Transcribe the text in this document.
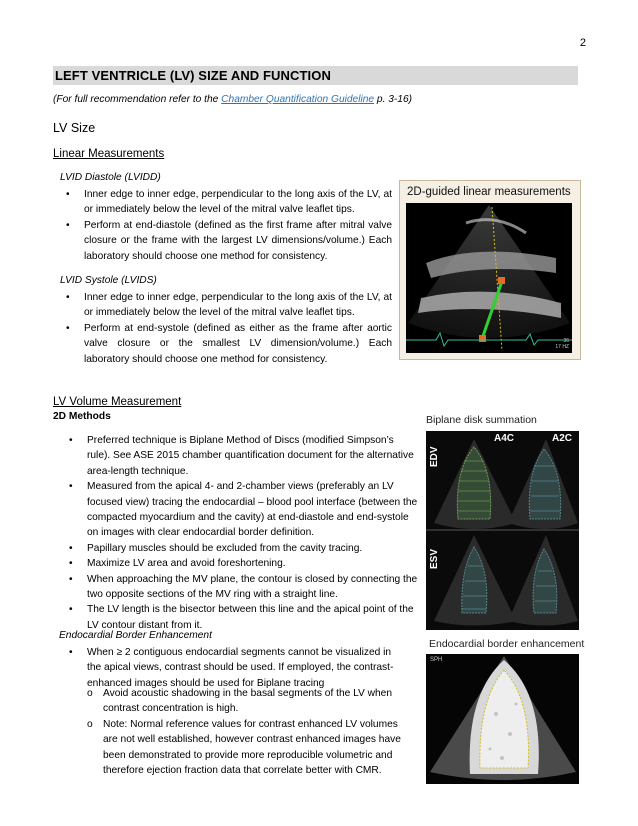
2
LEFT VENTRICLE (LV) SIZE AND FUNCTION
(For full recommendation refer to the Chamber Quantification Guideline p. 3-16)
LV Size
Linear Measurements
LVID Diastole (LVIDD)
• Inner edge to inner edge, perpendicular to the long axis of the LV, at or immediately below the level of the mitral valve leaflet tips.
• Perform at end-diastole (defined as the first frame after mitral valve closure or the frame with the largest LV dimensions/volume.) Each laboratory should choose one method for consistency.
LVID Systole (LVIDS)
• Inner edge to inner edge, perpendicular to the long axis of the LV, at or immediately below the level of the mitral valve leaflet tips.
• Perform at end-systole (defined as either as the frame after aortic valve closure or the smallest LV dimension/volume.) Each laboratory should choose one method for consistency.
2D-guided linear measurements
36
17 HZ
LV Volume Measurement
2D Methods
• Preferred technique is Biplane Method of Discs (modified Simpson’s rule). See ASE 2015 chamber quantification document for the alternative area-length technique.
• Measured from the apical 4- and 2-chamber views (preferably an LV focused view) tracing the endocardial – blood pool interface (between the compacted myocardium and the cavity) at end-diastole and end-systole on images with clear endocardial border definition.
• Papillary muscles should be excluded from the cavity tracing.
• Maximize LV area and avoid foreshortening.
• When approaching the MV plane, the contour is closed by connecting the two opposite sections of the MV ring with a straight line.
• The LV length is the bisector between this line and the apical point of the LV contour distant from it.
Endocardial Border Enhancement
• When ≥ 2 contiguous endocardial segments cannot be visualized in the apical views, contrast should be used. If employed, the contrast-enhanced images should be used for Biplane tracing
o Avoid acoustic shadowing in the basal segments of the LV when contrast concentration is high.
o Note: Normal reference values for contrast enhanced LV volumes are not well established, however contrast enhanced images have been demonstrated to provide more reproducible volumetric and therefore ejection fraction data that correlate better with CMR.
Biplane disk summation
A4C	A2C
EDV
ESV
Endocardial border enhancement
SPH
